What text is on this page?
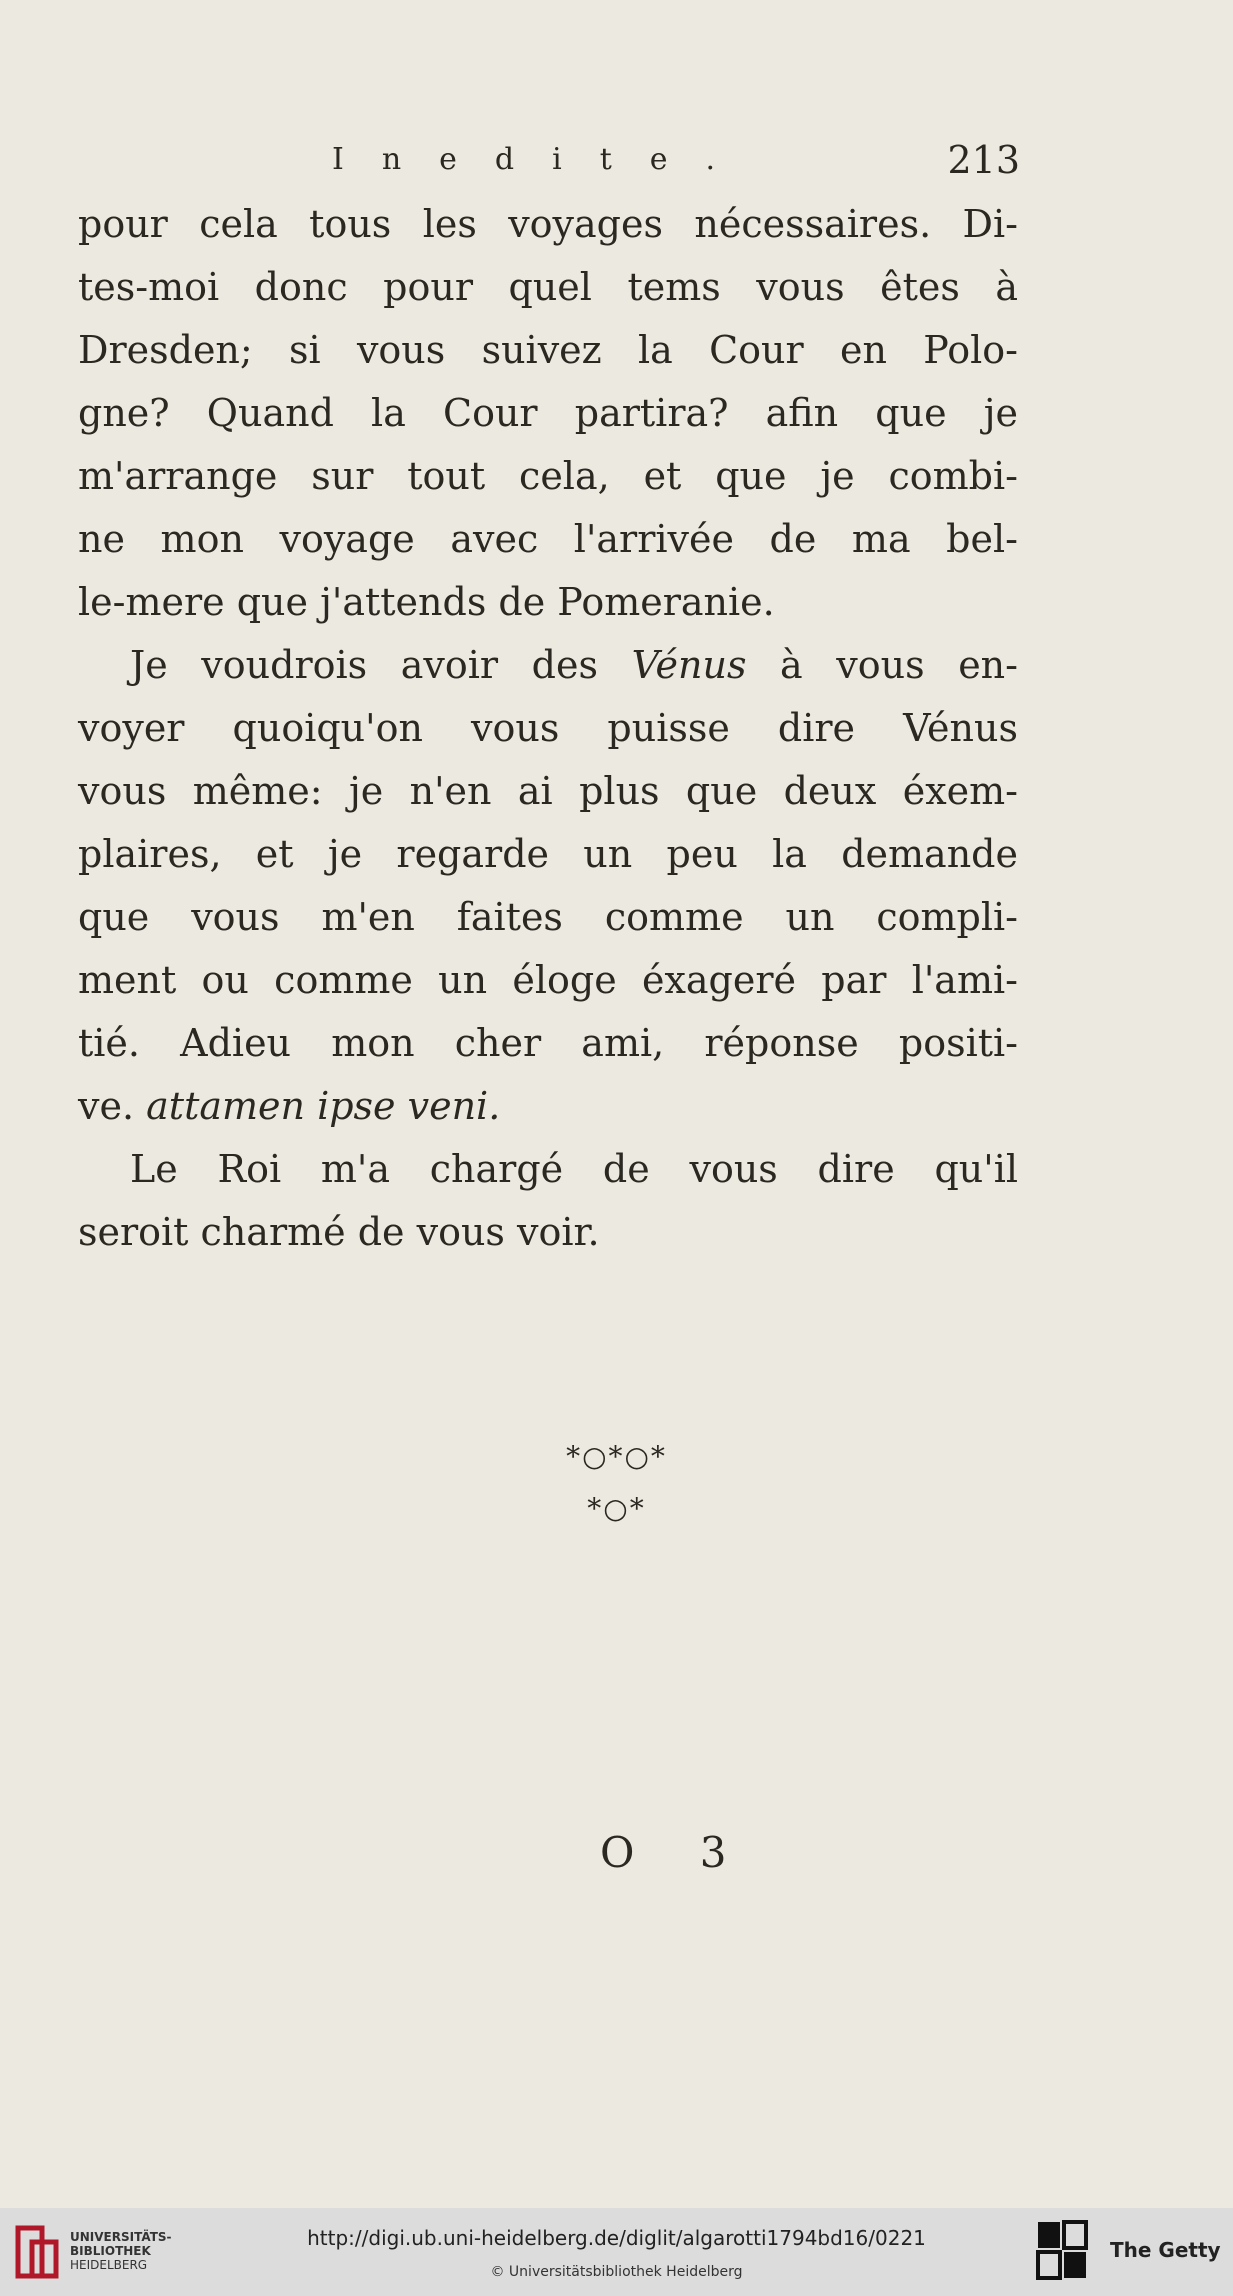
Inedite.	213
pour cela tous les voyages nécessaires. Di-
tes-moi donc pour quel tems vous êtes à
Dresden; si vous suivez la Cour en Polo-
gne? Quand la Cour partira? afin que je
m'arrange sur tout cela, et que je combi-
ne mon voyage avec l'arrivée de ma bel-
le-mere que j'attends de Pomeranie.
Je voudrois avoir des Vénus à vous en-
voyer quoiqu'on vous puisse dire Vénus
vous même: je n'en ai plus que deux éxem-
plaires, et je regarde un peu la demande
que vous m'en faites comme un compli-
ment ou comme un éloge éxageré par l'ami-
tié. Adieu mon cher ami, réponse positi-
ve. attamen ipse veni.
Le Roi m'a chargé de vous dire qu'il
seroit charmé de vous voir.
*○*○*
*○*
O 3
UNIVERSITÄTS-
BIBLIOTHEK
HEIDELBERG
http://digi.ub.uni-heidelberg.de/diglit/algarotti1794bd16/0221
© Universitätsbibliothek Heidelberg
The Getty
